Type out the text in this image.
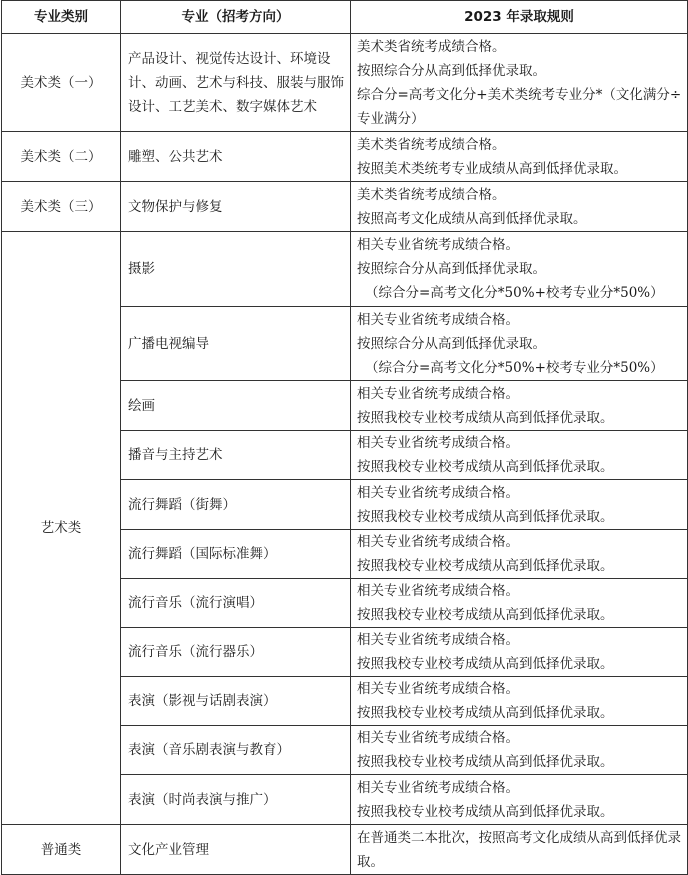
专业类别	专业（招考方向）	2023 年录取规则
美术类（一）	产品设计、视觉传达设计、环境设计、动画、艺术与科技、服装与服饰设计、工艺美术、数字媒体艺术	美术类省统考成绩合格。
按照综合分从高到低择优录取。
综合分=高考文化分+美术类统考专业分*（文化满分÷专业满分）

美术类（二）	雕塑、公共艺术	美术类省统考成绩合格。
按照美术类统考专业成绩从高到低择优录取。

美术类（三）	文物保护与修复	美术类省统考成绩合格。
按照高考文化成绩从高到低择优录取。

艺术类	摄影	相关专业省统考成绩合格。
按照综合分从高到低择优录取。
（综合分=高考文化分*50%+校考专业分*50%）

	广播电视编导	相关专业省统考成绩合格。
按照综合分从高到低择优录取。
（综合分=高考文化分*50%+校考专业分*50%）

	绘画	相关专业省统考成绩合格。
按照我校专业校考成绩从高到低择优录取。

	播音与主持艺术	相关专业省统考成绩合格。
按照我校专业校考成绩从高到低择优录取。

	流行舞蹈（街舞）	相关专业省统考成绩合格。
按照我校专业校考成绩从高到低择优录取。

	流行舞蹈（国际标准舞）	相关专业省统考成绩合格。
按照我校专业校考成绩从高到低择优录取。

	流行音乐（流行演唱）	相关专业省统考成绩合格。
按照我校专业校考成绩从高到低择优录取。

	流行音乐（流行器乐）	相关专业省统考成绩合格。
按照我校专业校考成绩从高到低择优录取。

	表演（影视与话剧表演）	相关专业省统考成绩合格。
按照我校专业校考成绩从高到低择优录取。

	表演（音乐剧表演与教育）	相关专业省统考成绩合格。
按照我校专业校考成绩从高到低择优录取。

	表演（时尚表演与推广）	相关专业省统考成绩合格。
按照我校专业校考成绩从高到低择优录取。

普通类	文化产业管理	在普通类二本批次，按照高考文化成绩从高到低择优录取。
